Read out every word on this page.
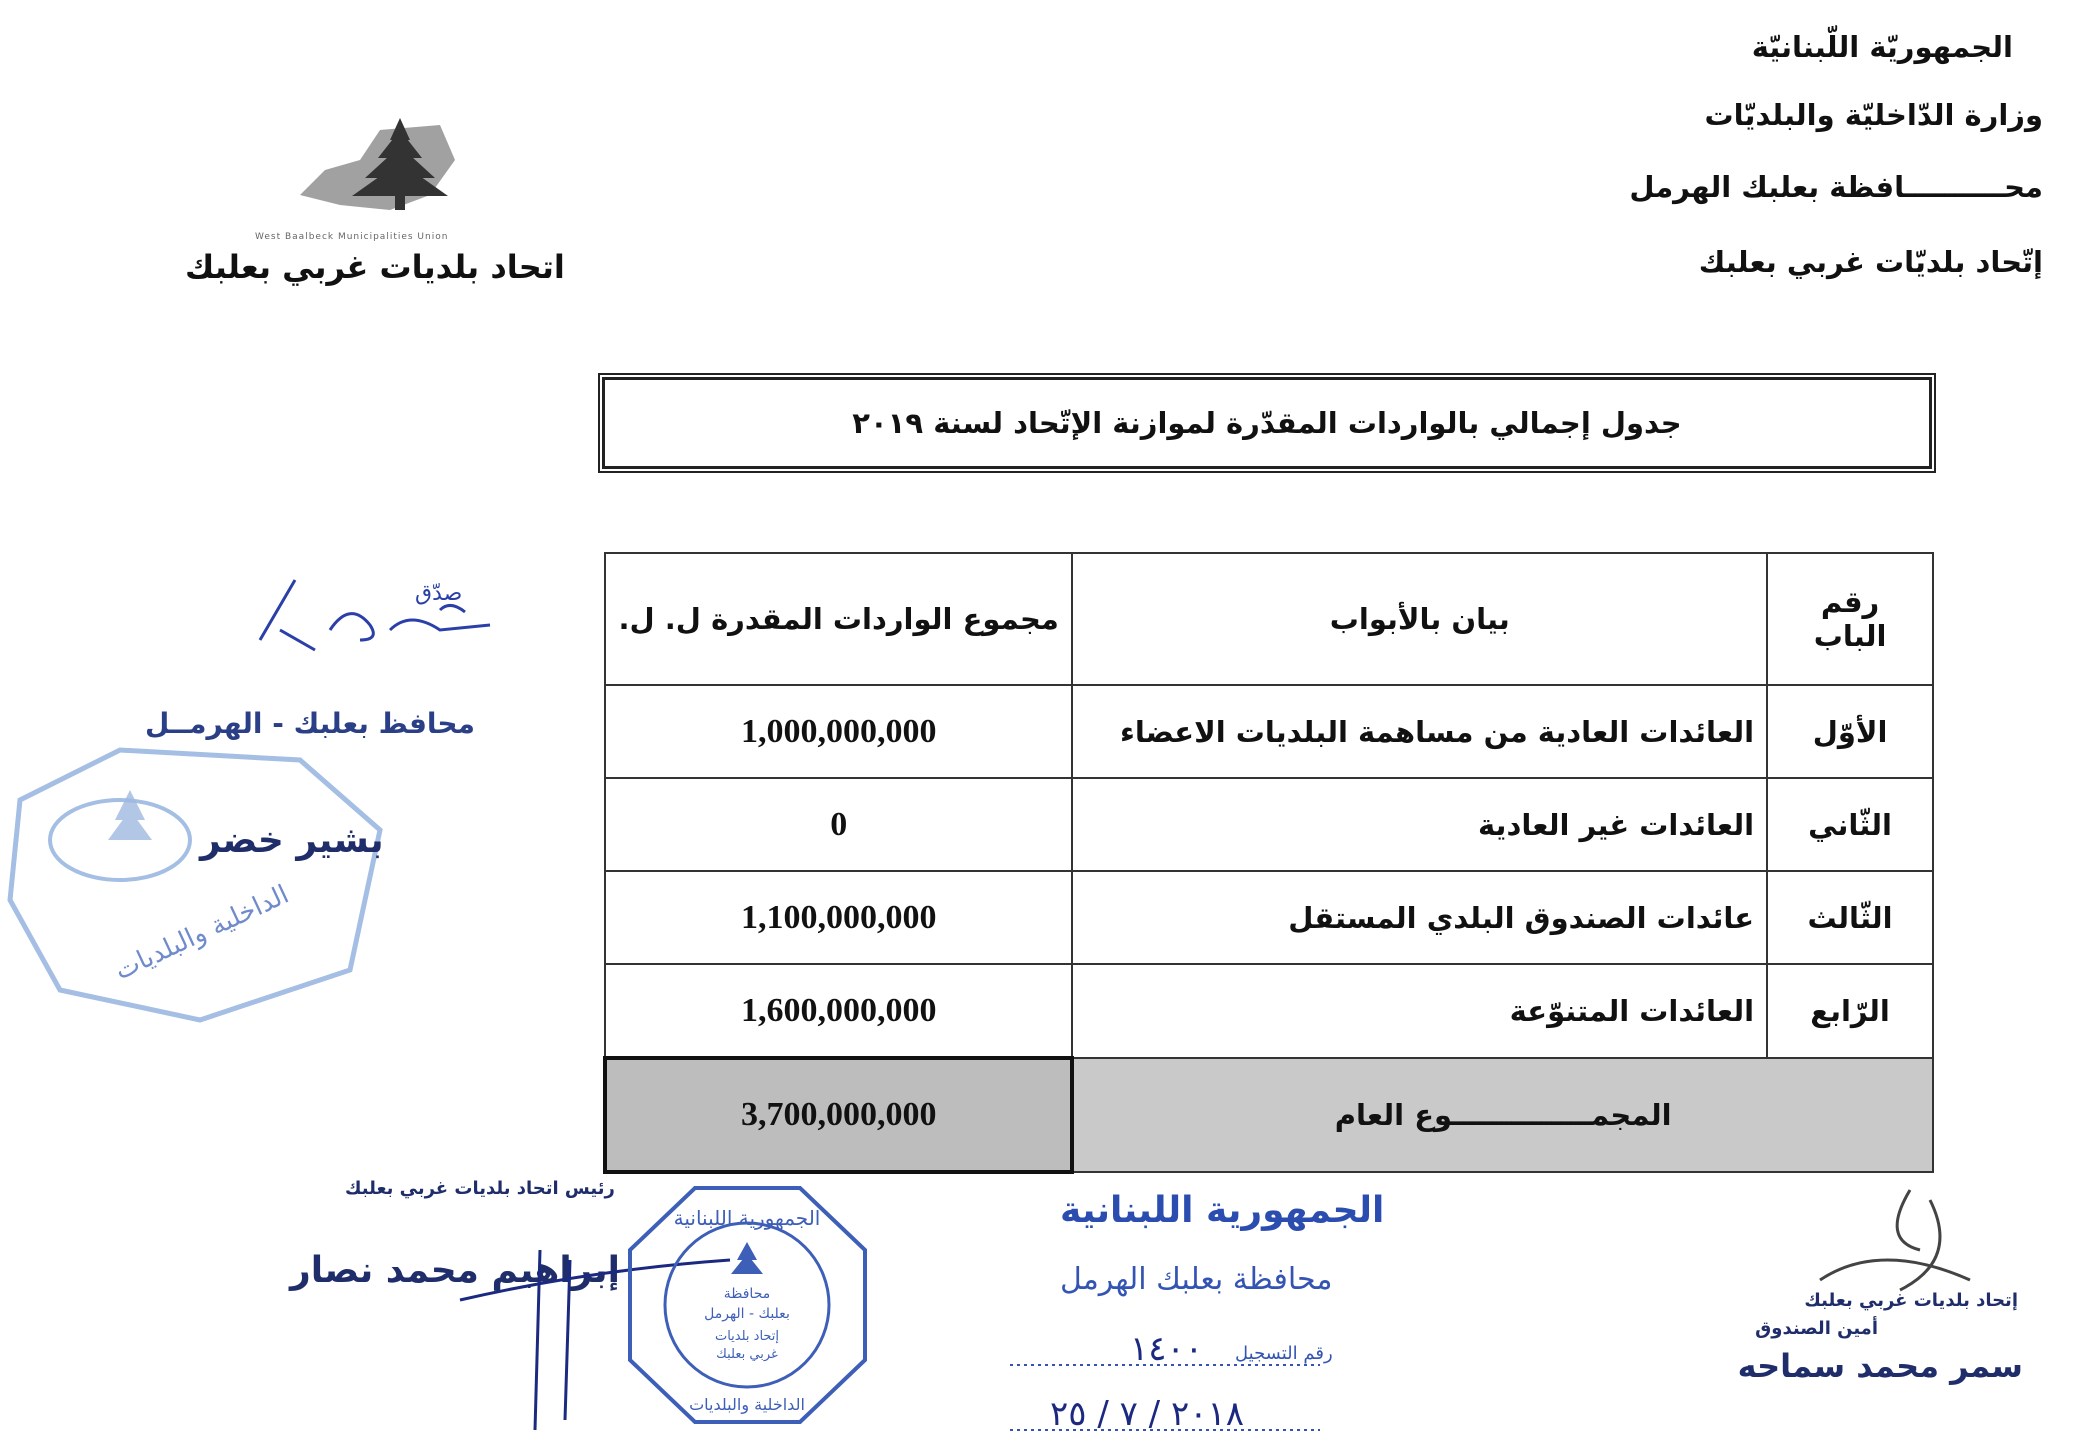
الجمهوريّة اللّبنانيّة
وزارة الدّاخليّة والبلديّات
محــــــــــافظة بعلبك الهرمل
إتّحاد بلديّات غربي بعلبك
West Baalbeck Municipalities Union
اتحاد بلديات غربي بعلبك
جدول إجمالي بالواردات المقدّرة لموازنة الإتّحاد لسنة ٢٠١٩
مجموع الواردات المقدرة ل. ل.	بيان بالأبواب	رقم الباب
1,000,000,000	العائدات العادية من مساهمة البلديات الاعضاء	الأوّل
0	العائدات غير العادية	الثّاني
1,100,000,000	عائدات الصندوق البلدي المستقل	الثّالث
1,600,000,000	العائدات المتنوّعة	الرّابع
3,700,000,000	المجمــــــــــــــوع العام	
صدّق
محافظ بعلبك - الهرمــل
الداخلية والبلديات
بشير خضر
رئيس اتحاد بلديات غربي بعلبك
إبراهيم محمد نصار
الجمهورية اللبنانية
محافظة
بعلبك - الهرمل
إتحاد بلديات
غربي بعلبك
الداخلية والبلديات
الجمهورية اللبنانية
محافظة بعلبك الهرمل
١٤٠٠
٢٠١٨ / ٧ / ٢٥
رقم التسجيل
إتحاد بلديات غربي بعلبك
أمين الصندوق
سمر محمد سماحه
